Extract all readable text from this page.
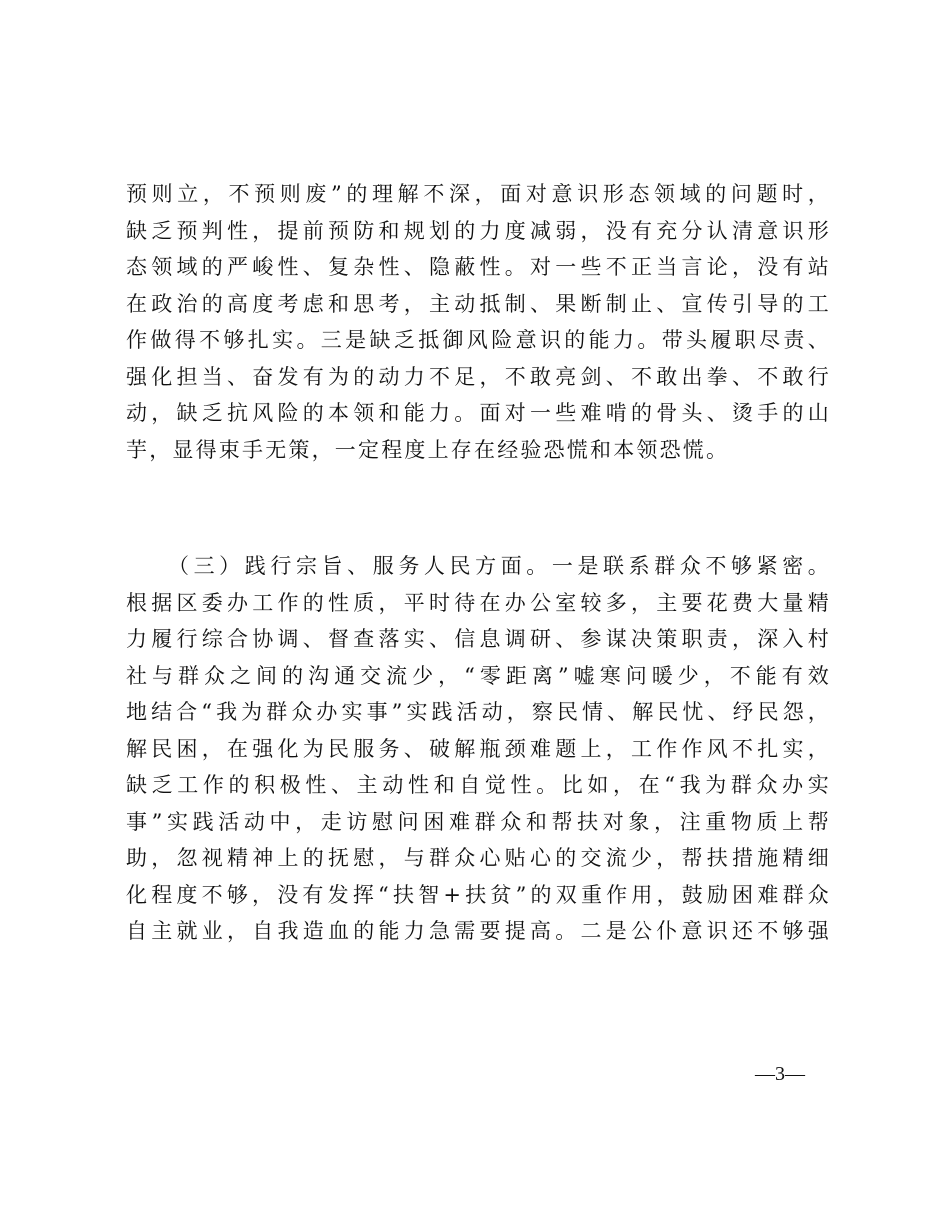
预则立，不预则废”的理解不深，面对意识形态领域的问题时，
缺乏预判性，提前预防和规划的力度减弱，没有充分认清意识形
态领域的严峻性、复杂性、隐蔽性。对一些不正当言论，没有站
在政治的高度考虑和思考，主动抵制、果断制止、宣传引导的工
作做得不够扎实。三是缺乏抵御风险意识的能力。带头履职尽责、
强化担当、奋发有为的动力不足，不敢亮剑、不敢出拳、不敢行
动，缺乏抗风险的本领和能力。面对一些难啃的骨头、烫手的山
芋，显得束手无策，一定程度上存在经验恐慌和本领恐慌。
（三）践行宗旨、服务人民方面。一是联系群众不够紧密。
根据区委办工作的性质，平时待在办公室较多，主要花费大量精
力履行综合协调、督查落实、信息调研、参谋决策职责，深入村
社与群众之间的沟通交流少，“零距离”嘘寒问暖少，不能有效
地结合“我为群众办实事”实践活动，察民情、解民忧、纾民怨，
解民困，在强化为民服务、破解瓶颈难题上，工作作风不扎实，
缺乏工作的积极性、主动性和自觉性。比如，在“我为群众办实
事”实践活动中，走访慰问困难群众和帮扶对象，注重物质上帮
助，忽视精神上的抚慰，与群众心贴心的交流少，帮扶措施精细
化程度不够，没有发挥“扶智+扶贫”的双重作用，鼓励困难群众
自主就业，自我造血的能力急需要提高。二是公仆意识还不够强
—3—
